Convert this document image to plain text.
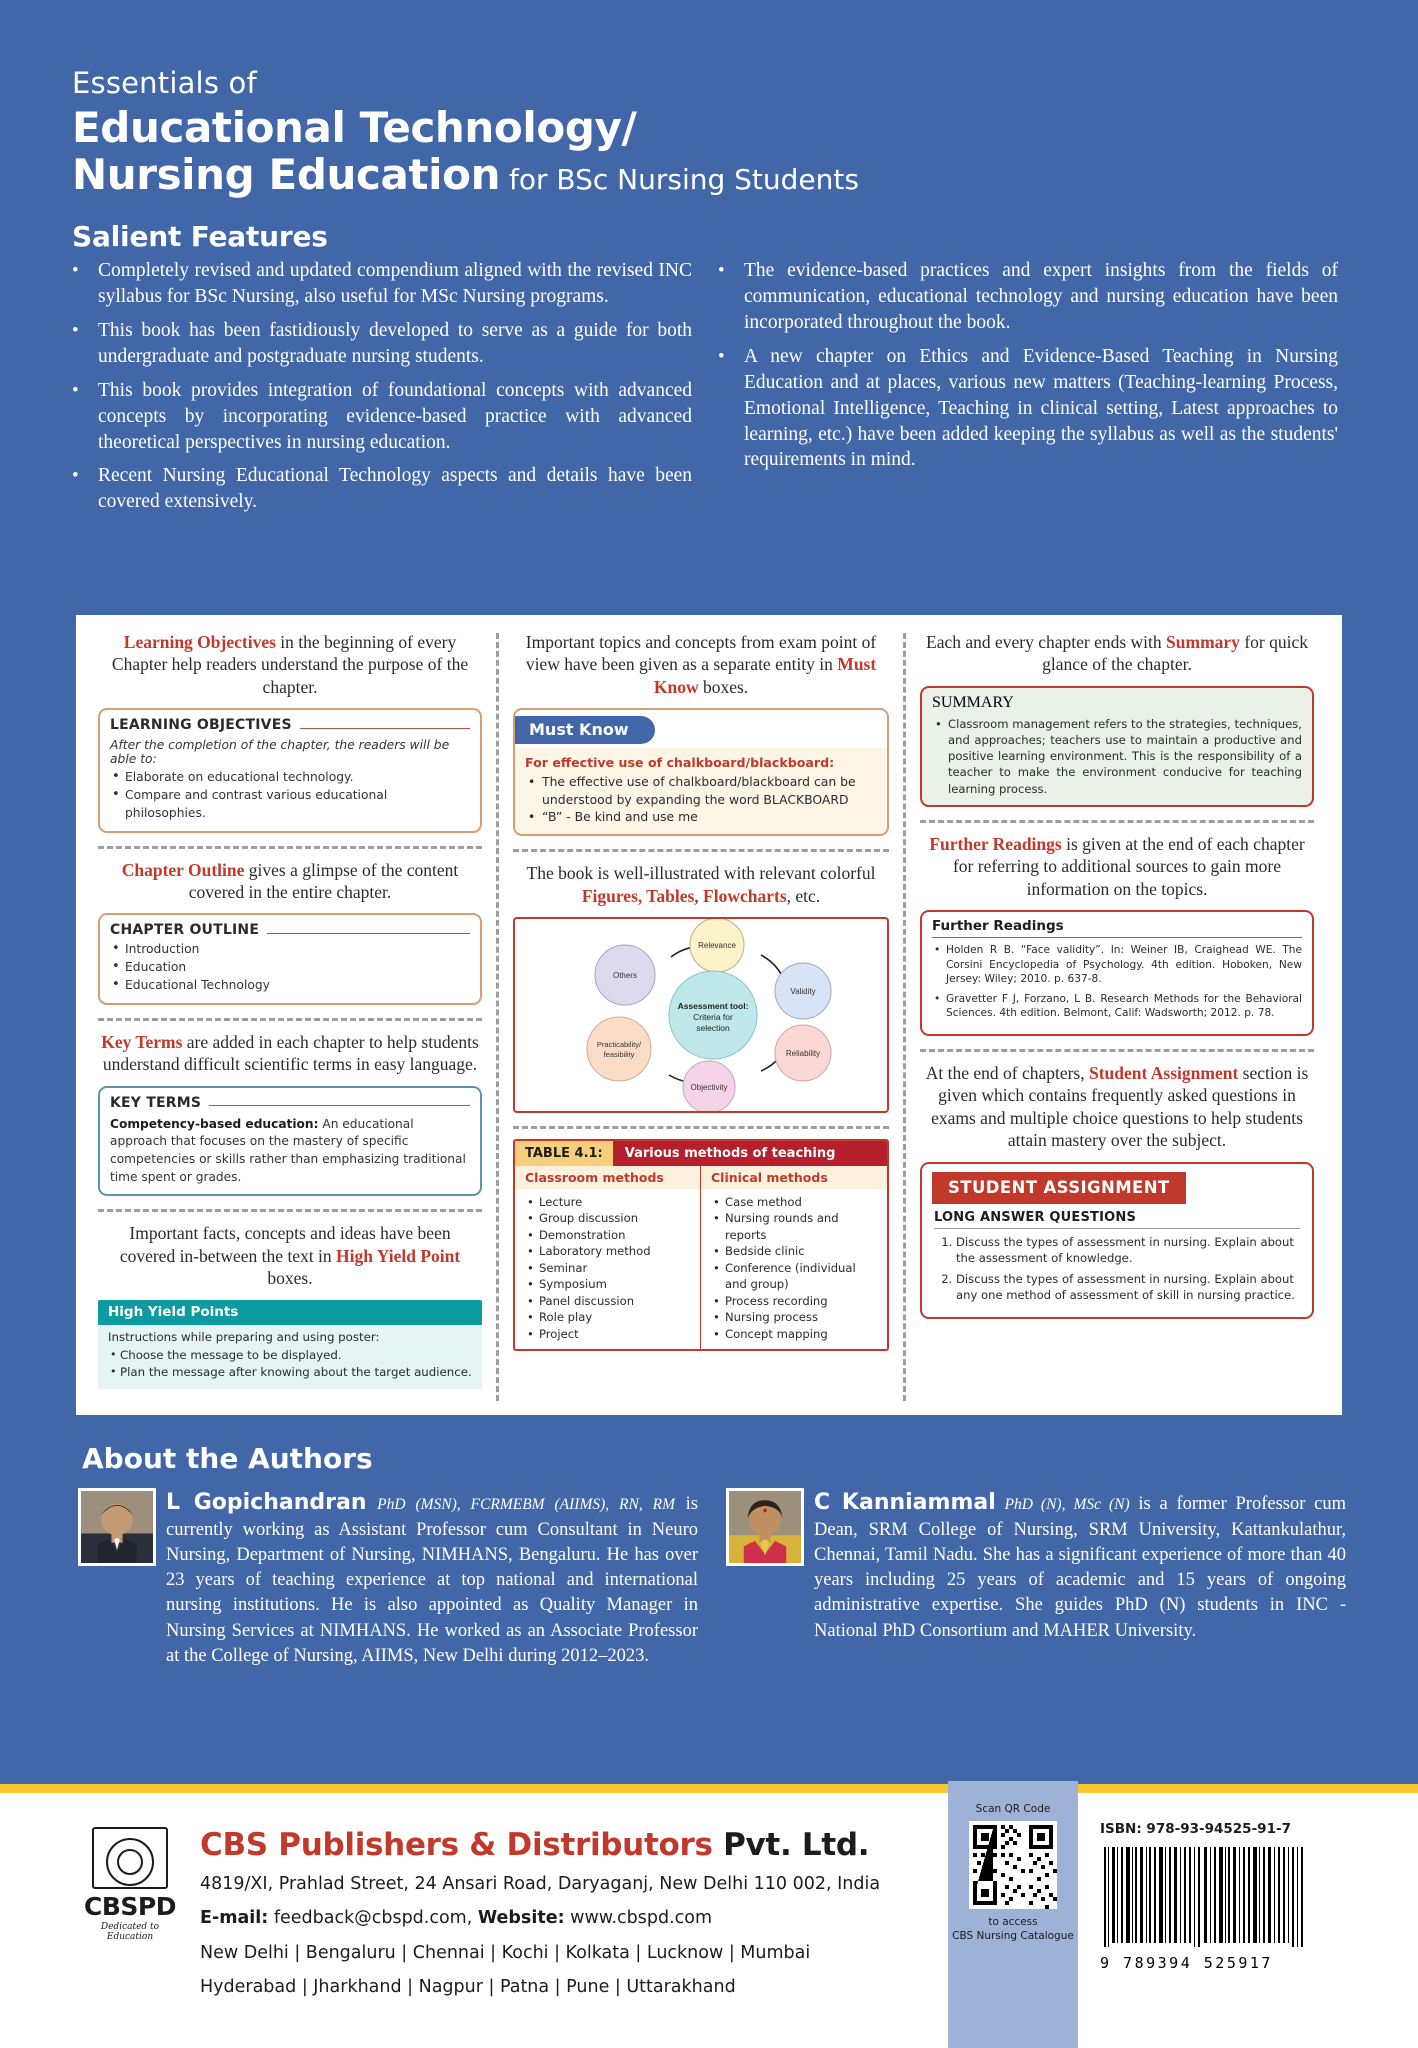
Essentials of
Educational Technology/
Nursing Education for BSc Nursing Students
Salient Features
• Completely revised and updated compendium aligned with the revised INC syllabus for BSc Nursing, also useful for MSc Nursing programs.
• This book has been fastidiously developed to serve as a guide for both undergraduate and postgraduate nursing students.
• This book provides integration of foundational concepts with advanced concepts by incorporating evidence-based practice with advanced theoretical perspectives in nursing education.
• Recent Nursing Educational Technology aspects and details have been covered extensively.
• The evidence-based practices and expert insights from the fields of communication, educational technology and nursing education have been incorporated throughout the book.
• A new chapter on Ethics and Evidence-Based Teaching in Nursing Education and at places, various new matters (Teaching-learning Process, Emotional Intelligence, Teaching in clinical setting, Latest approaches to learning, etc.) have been added keeping the syllabus as well as the students' requirements in mind.
Learning Objectives in the beginning of every Chapter help readers understand the purpose of the chapter.
LEARNING OBJECTIVES
After the completion of the chapter, the readers will be able to:
• Elaborate on educational technology.
• Compare and contrast various educational philosophies.
Chapter Outline gives a glimpse of the content covered in the entire chapter.
CHAPTER OUTLINE
• Introduction
• Education
• Educational Technology
Key Terms are added in each chapter to help students understand difficult scientific terms in easy language.
KEY TERMS
Competency-based education: An educational approach that focuses on the mastery of specific competencies or skills rather than emphasizing traditional time spent or grades.
Important facts, concepts and ideas have been covered in-between the text in High Yield Point boxes.
High Yield Points
Instructions while preparing and using poster:
• Choose the message to be displayed.
• Plan the message after knowing about the target audience.
Important topics and concepts from exam point of view have been given as a separate entity in Must Know boxes.
Must Know
For effective use of chalkboard/blackboard:
• The effective use of chalkboard/blackboard can be understood by expanding the word BLACKBOARD
• “B” - Be kind and use me
The book is well-illustrated with relevant colorful Figures, Tables, Flowcharts, etc.
Relevance
Validity
Reliability
Objectivity
Practicability/
feasibility
Others
Assessment tool:
Criteria for
selection
TABLE 4.1:	Various methods of teaching
Classroom methods	Clinical methods
• Lecture
• Group discussion
• Demonstration
• Laboratory method
• Seminar
• Symposium
• Panel discussion
• Role play
• Project
• Case method
• Nursing rounds and reports
• Bedside clinic
• Conference (individual and group)
• Process recording
• Nursing process
• Concept mapping
Each and every chapter ends with Summary for quick glance of the chapter.
SUMMARY
• Classroom management refers to the strategies, techniques, and approaches; teachers use to maintain a productive and positive learning environment. This is the responsibility of a teacher to make the environment conducive for teaching learning process.
Further Readings is given at the end of each chapter for referring to additional sources to gain more information on the topics.
Further Readings
• Holden R B. “Face validity”. In: Weiner IB, Craighead WE. The Corsini Encyclopedia of Psychology. 4th edition. Hoboken, New Jersey: Wiley; 2010. p. 637-8.
• Gravetter F J, Forzano, L B. Research Methods for the Behavioral Sciences. 4th edition. Belmont, Calif: Wadsworth; 2012. p. 78.
At the end of chapters, Student Assignment section is given which contains frequently asked questions in exams and multiple choice questions to help students attain mastery over the subject.
STUDENT ASSIGNMENT
LONG ANSWER QUESTIONS
1. Discuss the types of assessment in nursing. Explain about the assessment of knowledge.
2. Discuss the types of assessment in nursing. Explain about any one method of assessment of skill in nursing practice.
About the Authors
L Gopichandran PhD (MSN), FCRMEBM (AIIMS), RN, RM is currently working as Assistant Professor cum Consultant in Neuro Nursing, Department of Nursing, NIMHANS, Bengaluru. He has over 23 years of teaching experience at top national and international nursing institutions. He is also appointed as Quality Manager in Nursing Services at NIMHANS. He worked as an Associate Professor at the College of Nursing, AIIMS, New Delhi during 2012–2023.
C Kanniammal PhD (N), MSc (N) is a former Professor cum Dean, SRM College of Nursing, SRM University, Kattankulathur, Chennai, Tamil Nadu. She has a significant experience of more than 40 years including 25 years of academic and 15 years of ongoing administrative expertise. She guides PhD (N) students in INC - National PhD Consortium and MAHER University.
CBSPD
Dedicated to Education
CBS Publishers & Distributors Pvt. Ltd.
4819/XI, Prahlad Street, 24 Ansari Road, Daryaganj, New Delhi 110 002, India
E-mail: feedback@cbspd.com, Website: www.cbspd.com
New Delhi | Bengaluru | Chennai | Kochi | Kolkata | Lucknow | Mumbai
Hyderabad | Jharkhand | Nagpur | Patna | Pune | Uttarakhand
Scan QR Code
to access
CBS Nursing Catalogue
ISBN: 978-93-94525-91-7
9 789394 525917
